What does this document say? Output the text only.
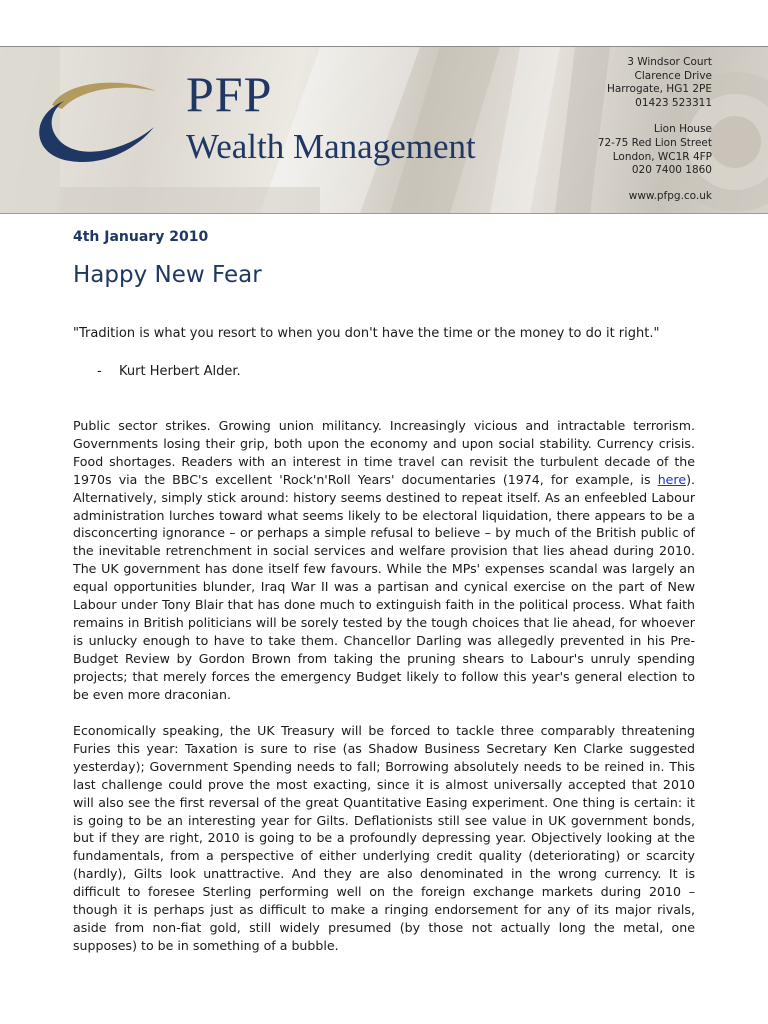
PFP
Wealth Management
3 Windsor Court
Clarence Drive
Harrogate, HG1 2PE
01423 523311
Lion House
72-75 Red Lion Street
London, WC1R 4FP
020 7400 1860
www.pfpg.co.uk
4th January 2010
Happy New Fear
"Tradition is what you resort to when you don't have the time or the money to do it right."
- Kurt Herbert Alder.

Public sector strikes. Growing union militancy. Increasingly vicious and intractable terrorism. Governments losing their grip, both upon the economy and upon social stability. Currency crisis. Food shortages. Readers with an interest in time travel can revisit the turbulent decade of the 1970s via the BBC's excellent 'Rock'n'Roll Years' documentaries (1974, for example, is here). Alternatively, simply stick around: history seems destined to repeat itself. As an enfeebled Labour administration lurches toward what seems likely to be electoral liquidation, there appears to be a disconcerting ignorance – or perhaps a simple refusal to believe – by much of the British public of the inevitable retrenchment in social services and welfare provision that lies ahead during 2010. The UK government has done itself few favours. While the MPs' expenses scandal was largely an equal opportunities blunder, Iraq War II was a partisan and cynical exercise on the part of New Labour under Tony Blair that has done much to extinguish faith in the political process. What faith remains in British politicians will be sorely tested by the tough choices that lie ahead, for whoever is unlucky enough to have to take them. Chancellor Darling was allegedly prevented in his Pre-Budget Review by Gordon Brown from taking the pruning shears to Labour's unruly spending projects; that merely forces the emergency Budget likely to follow this year's general election to be even more draconian.

Economically speaking, the UK Treasury will be forced to tackle three comparably threatening Furies this year: Taxation is sure to rise (as Shadow Business Secretary Ken Clarke suggested yesterday); Government Spending needs to fall; Borrowing absolutely needs to be reined in. This last challenge could prove the most exacting, since it is almost universally accepted that 2010 will also see the first reversal of the great Quantitative Easing experiment. One thing is certain: it is going to be an interesting year for Gilts. Deflationists still see value in UK government bonds, but if they are right, 2010 is going to be a profoundly depressing year. Objectively looking at the fundamentals, from a perspective of either underlying credit quality (deteriorating) or scarcity (hardly), Gilts look unattractive. And they are also denominated in the wrong currency. It is difficult to foresee Sterling performing well on the foreign exchange markets during 2010 – though it is perhaps just as difficult to make a ringing endorsement for any of its major rivals, aside from non-fiat gold, still widely presumed (by those not actually long the metal, one supposes) to be in something of a bubble.
